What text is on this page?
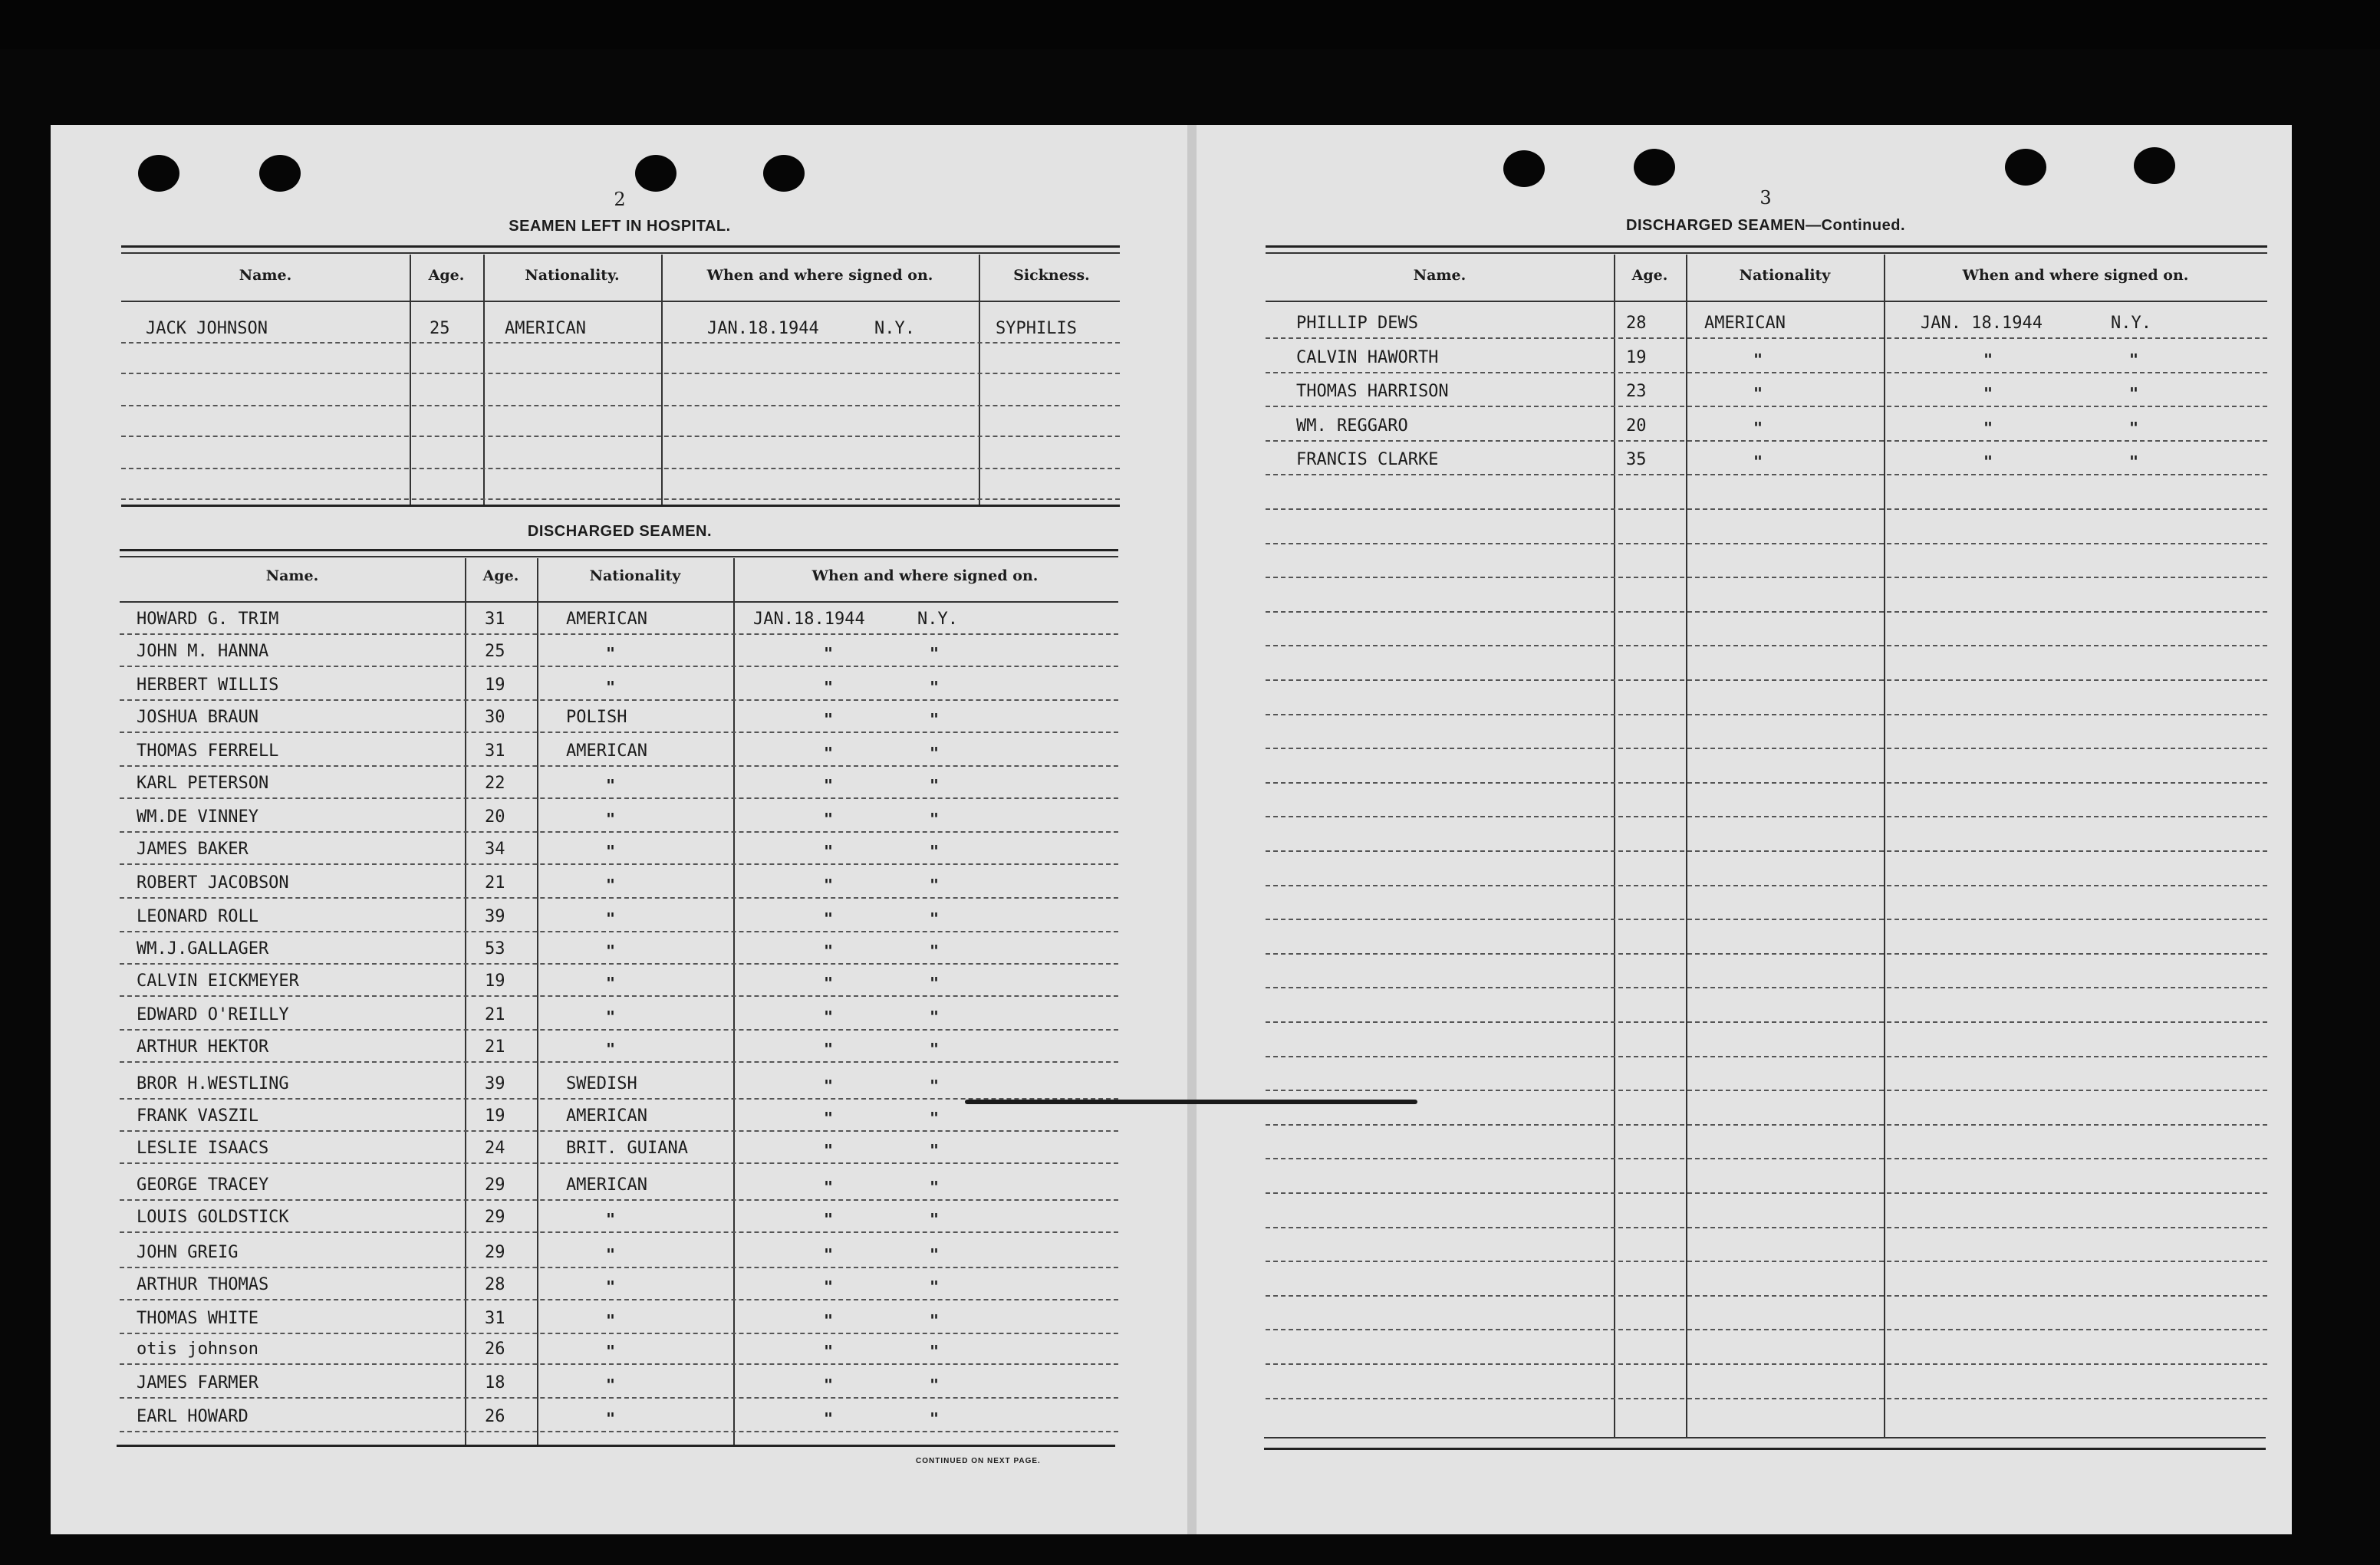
2
SEAMEN LEFT IN HOSPITAL.
Name.	Age.	Nationality.	When and where signed on.	Sickness.
JACK JOHNSON	25	AMERICAN	JAN.18.1944	N.Y.	SYPHILIS
DISCHARGED SEAMEN.
Name.	Age.	Nationality	When and where signed on.
CONTINUED ON NEXT PAGE.
3
DISCHARGED SEAMEN—Continued.
Name.	Age.	Nationality	When and where signed on.
HOWARD G. TRIM	31	AMERICAN	JAN.18.1944	N.Y.
JOHN M. HANNA	25	"	"	"
HERBERT WILLIS	19	"	"	"
JOSHUA BRAUN	30	POLISH	"	"
THOMAS FERRELL	31	AMERICAN	"	"
KARL PETERSON	22	"	"	"
WM.DE VINNEY	20	"	"	"
JAMES BAKER	34	"	"	"
ROBERT JACOBSON	21	"	"	"
LEONARD ROLL	39	"	"	"
WM.J.GALLAGER	53	"	"	"
CALVIN EICKMEYER	19	"	"	"
EDWARD O'REILLY	21	"	"	"
ARTHUR HEKTOR	21	"	"	"
BROR H.WESTLING	39	SWEDISH	"	"
FRANK VASZIL	19	AMERICAN	"	"
LESLIE ISAACS	24	BRIT. GUIANA	"	"
GEORGE TRACEY	29	AMERICAN	"	"
LOUIS GOLDSTICK	29	"	"	"
JOHN GREIG	29	"	"	"
ARTHUR THOMAS	28	"	"	"
THOMAS WHITE	31	"	"	"
otis johnson	26	"	"	"
JAMES FARMER	18	"	"	"
EARL HOWARD	26	"	"	"
PHILLIP DEWS	28	AMERICAN	JAN. 18.1944	N.Y.
CALVIN HAWORTH	19	"	"	"
THOMAS HARRISON	23	"	"	"
WM. REGGARO	20	"	"	"
FRANCIS CLARKE	35	"	"	"
